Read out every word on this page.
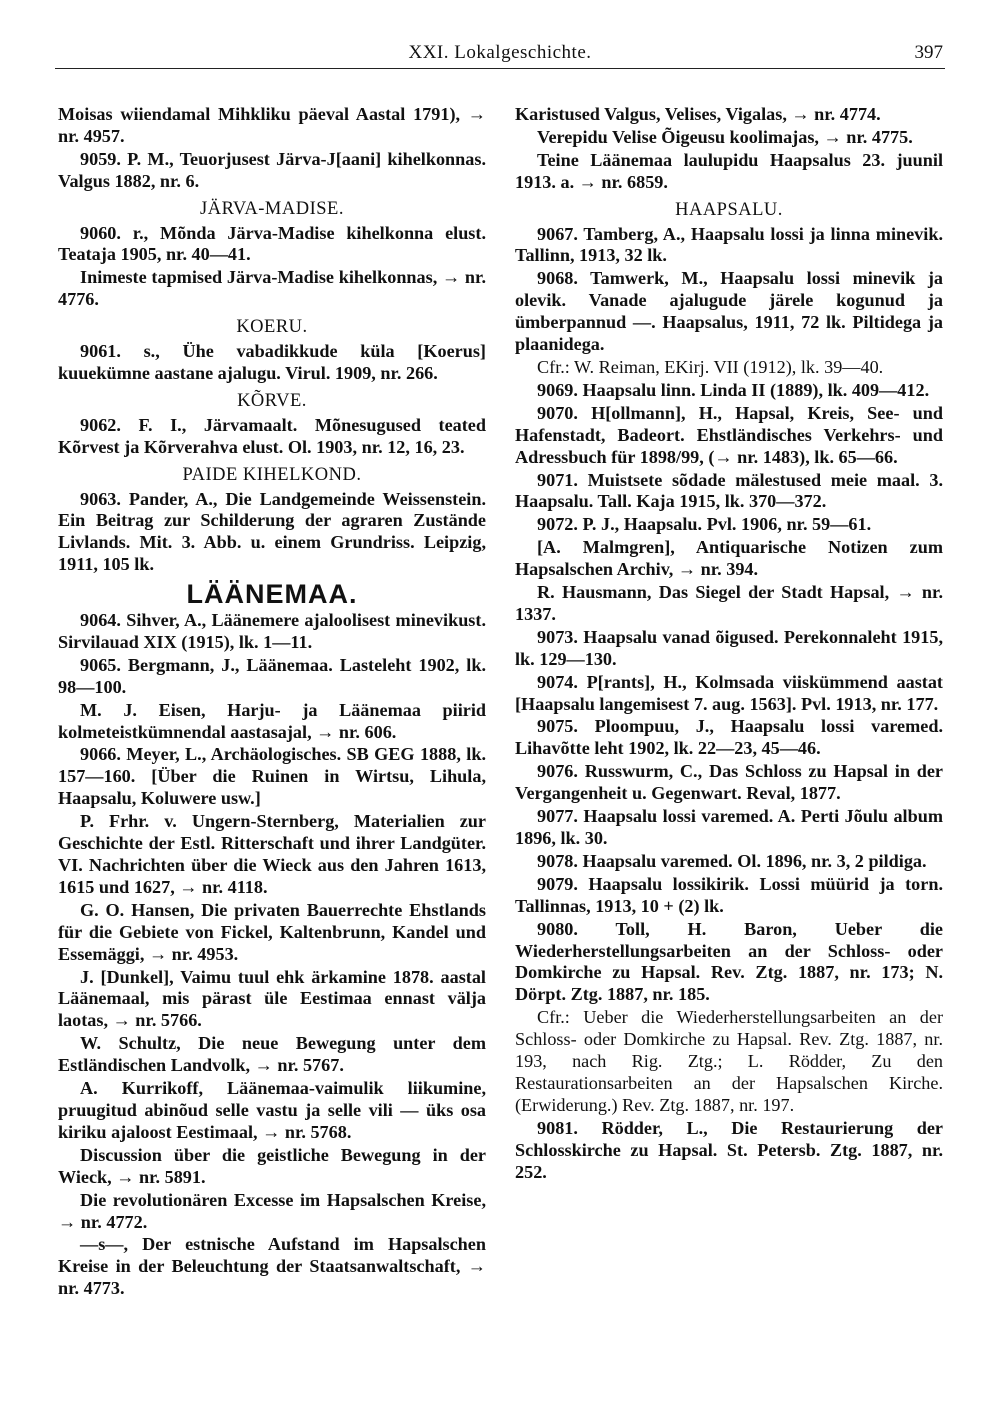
XXI. Lokalgeschichte.	397

Moisas wiiendamal Mihkliku päeval Aastal 1791), → nr. 4957.

9059. P. M., Teuorjusest Järva-J[aani] kihelkonnas. Valgus 1882, nr. 6.

JÄRVA-MADISE.

9060. r., Mõnda Järva-Madise kihelkonna elust. Teataja 1905, nr. 40—41.

Inimeste tapmised Järva-Madise kihelkonnas, → nr. 4776.

KOERU.

9061. s., Ühe vabadikkude küla [Koerus] kuuekümne aastane ajalugu. Virul. 1909, nr. 266.

KÕRVE.

9062. F. I., Järvamaalt. Mõnesugused teated Kõrvest ja Kõrverahva elust. Ol. 1903, nr. 12, 16, 23.

PAIDE KIHELKOND.

9063. Pander, A., Die Landgemeinde Weissenstein. Ein Beitrag zur Schilderung der agraren Zustände Livlands. Mit. 3. Abb. u. einem Grundriss. Leipzig, 1911, 105 lk.

LÄÄNEMAA.

9064. Sihver, A., Läänemere ajaloolisest minevikust. Sirvilauad XIX (1915), lk. 1—11.

9065. Bergmann, J., Läänemaa. Lasteleht 1902, lk. 98—100.

M. J. Eisen, Harju- ja Läänemaa piirid kolmeteistkümnendal aastasajal, → nr. 606.

9066. Meyer, L., Archäologisches. SB GEG 1888, lk. 157—160. [Über die Ruinen in Wirtsu, Lihula, Haapsalu, Koluwere usw.]

P. Frhr. v. Ungern-Sternberg, Materialien zur Geschichte der Estl. Ritterschaft und ihrer Landgüter. VI. Nachrichten über die Wieck aus den Jahren 1613, 1615 und 1627, → nr. 4118.

G. O. Hansen, Die privaten Bauerrechte Ehstlands für die Gebiete von Fickel, Kaltenbrunn, Kandel und Essemäggi, → nr. 4953.

J. [Dunkel], Vaimu tuul ehk ärkamine 1878. aastal Läänemaal, mis pärast üle Eestimaa ennast välja laotas, → nr. 5766.

W. Schultz, Die neue Bewegung unter dem Estländischen Landvolk, → nr. 5767.

A. Kurrikoff, Läänemaa-vaimulik liikumine, pruugitud abinõud selle vastu ja selle vili — üks osa kiriku ajaloost Eestimaal, → nr. 5768.

Discussion über die geistliche Bewegung in der Wieck, → nr. 5891.

Die revolutionären Excesse im Hapsalschen Kreise, → nr. 4772.

—s—, Der estnische Aufstand im Hapsalschen Kreise in der Beleuchtung der Staatsanwaltschaft, → nr. 4773.

Karistused Valgus, Velises, Vigalas, → nr. 4774.

Verepidu Velise Õigeusu koolimajas, → nr. 4775.

Teine Läänemaa laulupidu Haapsalus 23. juunil 1913. a. → nr. 6859.

HAAPSALU.

9067. Tamberg, A., Haapsalu lossi ja linna minevik. Tallinn, 1913, 32 lk.

9068. Tamwerk, M., Haapsalu lossi minevik ja olevik. Vanade ajalugude järele kogunud ja ümberpannud —. Haapsalus, 1911, 72 lk. Piltidega ja plaanidega.

Cfr.: W. Reiman, EKirj. VII (1912), lk. 39—40.

9069. Haapsalu linn. Linda II (1889), lk. 409—412.

9070. H[ollmann], H., Hapsal, Kreis, See- und Hafenstadt, Badeort. Ehstländisches Verkehrs- und Adressbuch für 1898/99, (→ nr. 1483), lk. 65—66.

9071. Muistsete sõdade mälestused meie maal. 3. Haapsalu. Tall. Kaja 1915, lk. 370—372.

9072. P. J., Haapsalu. Pvl. 1906, nr. 59—61.

[A. Malmgren], Antiquarische Notizen zum Hapsalschen Archiv, → nr. 394.

R. Hausmann, Das Siegel der Stadt Hapsal, → nr. 1337.

9073. Haapsalu vanad õigused. Perekonnaleht 1915, lk. 129—130.

9074. P[rants], H., Kolmsada viiskümmend aastat [Haapsalu langemisest 7. aug. 1563]. Pvl. 1913, nr. 177.

9075. Ploompuu, J., Haapsalu lossi varemed. Lihavõtte leht 1902, lk. 22—23, 45—46.

9076. Russwurm, C., Das Schloss zu Hapsal in der Vergangenheit u. Gegenwart. Reval, 1877.

9077. Haapsalu lossi varemed. A. Perti Jõulu album 1896, lk. 30.

9078. Haapsalu varemed. Ol. 1896, nr. 3, 2 pildiga.

9079. Haapsalu lossikirik. Lossi müürid ja torn. Tallinnas, 1913, 10 + (2) lk.

9080. Toll, H. Baron, Ueber die Wiederherstellungsarbeiten an der Schloss- oder Domkirche zu Hapsal. Rev. Ztg. 1887, nr. 173; N. Dörpt. Ztg. 1887, nr. 185.

Cfr.: Ueber die Wiederherstellungsarbeiten an der Schloss- oder Domkirche zu Hapsal. Rev. Ztg. 1887, nr. 193, nach Rig. Ztg.; L. Rödder, Zu den Restaurationsarbeiten an der Hapsalschen Kirche. (Erwiderung.) Rev. Ztg. 1887, nr. 197.

9081. Rödder, L., Die Restaurierung der Schlosskirche zu Hapsal. St. Petersb. Ztg. 1887, nr. 252.
